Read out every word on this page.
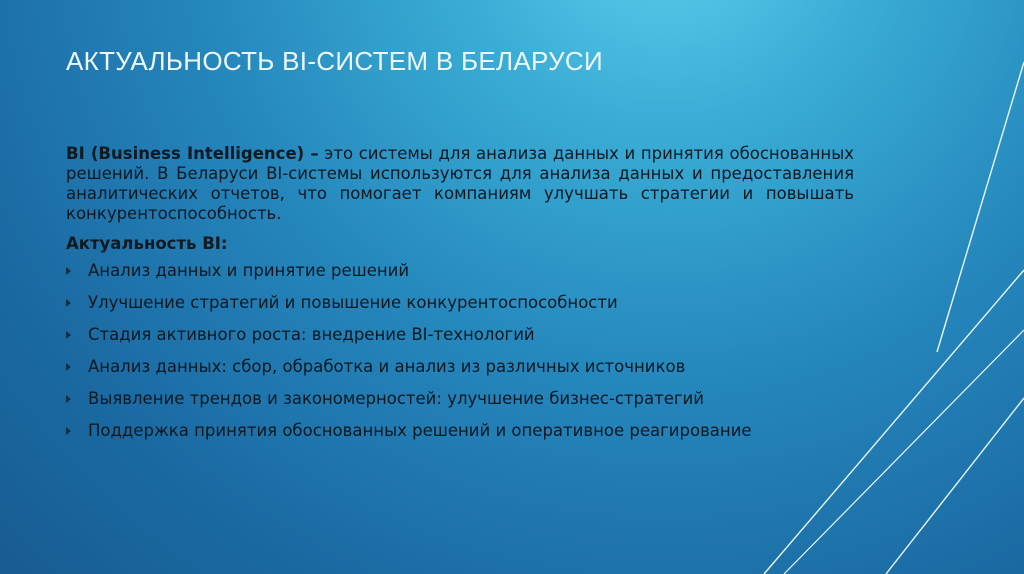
АКТУАЛЬНОСТЬ BI-СИСТЕМ В БЕЛАРУСИ

BI (Business Intelligence) – это системы для анализа данных и принятия обоснованных решений. В Беларуси BI-системы используются для анализа данных и предоставления аналитических отчетов, что помогает компаниям улучшать стратегии и повышать конкурентоспособность.

Актуальность BI:

Анализ данных и принятие решений
Улучшение стратегий и повышение конкурентоспособности
Стадия активного роста: внедрение BI-технологий
Анализ данных: сбор, обработка и анализ из различных источников
Выявление трендов и закономерностей: улучшение бизнес-стратегий
Поддержка принятия обоснованных решений и оперативное реагирование
